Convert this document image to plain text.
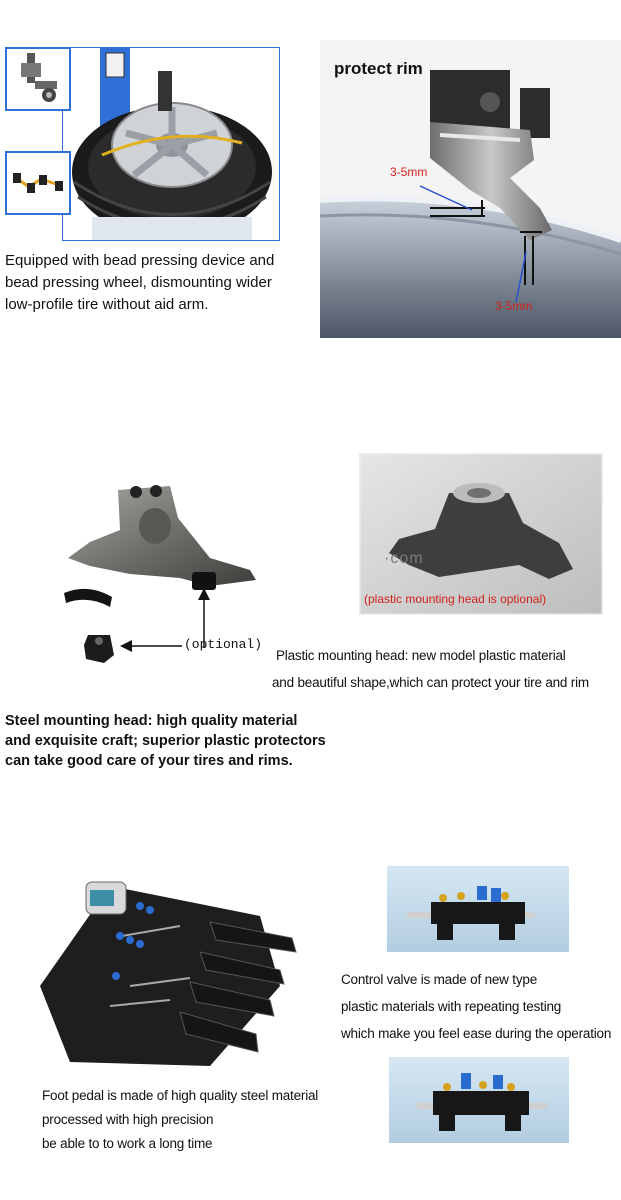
Equipped with bead pressing device and
bead pressing wheel, dismounting wider
low-profile tire without aid arm.
protect rim
3-5mm
3-5mm
(optional)
·com
(plastic mounting head is optional)
Plastic mounting head: new model plastic material
and beautiful shape,which can protect your tire and rim
Steel mounting head: high quality material
and exquisite craft; superior plastic protectors
can take good care of your tires and rims.
Control valve is made of new type
plastic materials with repeating testing
which make you feel ease during the operation
Foot pedal is made of high quality steel material
processed with high precision
be able to to work a long time
